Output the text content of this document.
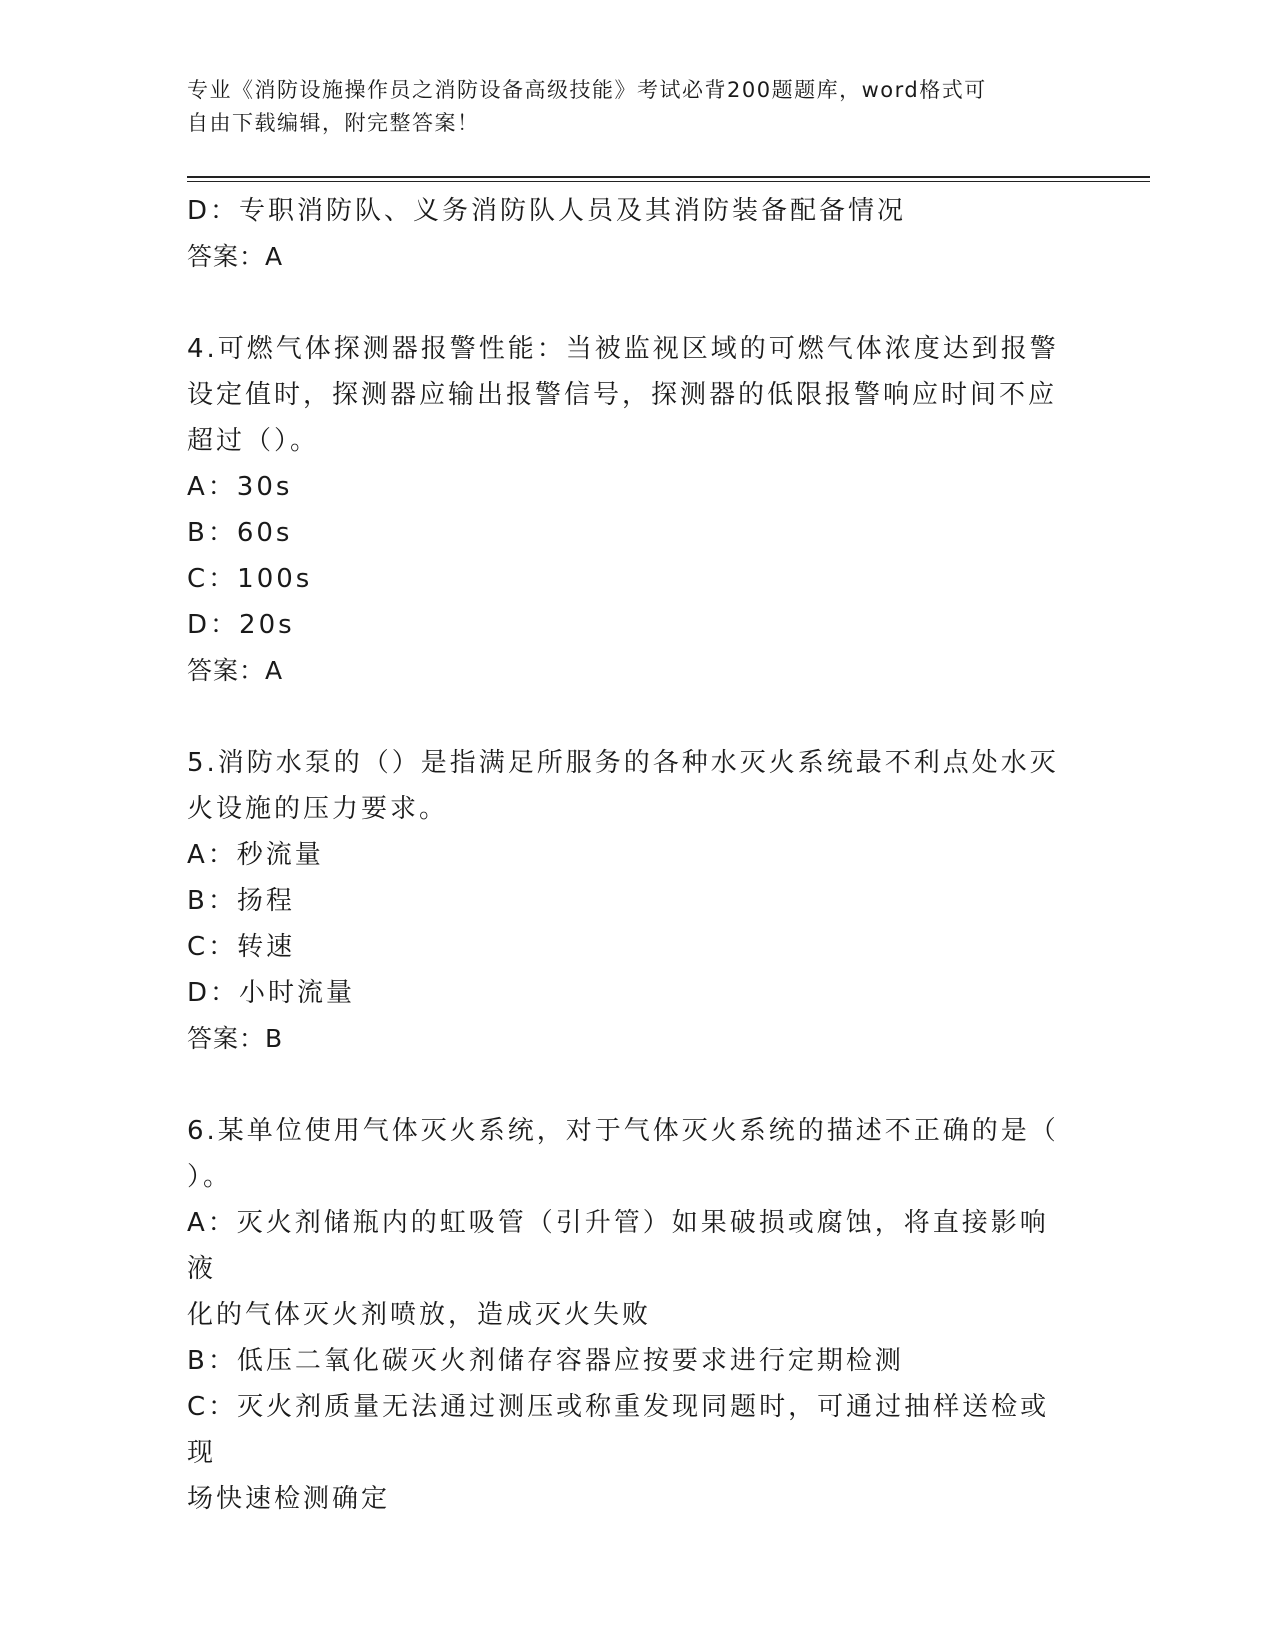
专业《消防设施操作员之消防设备高级技能》考试必背200题题库，word格式可
自由下载编辑，附完整答案！

D：专职消防队、义务消防队人员及其消防装备配备情况

答案：A

4.可燃气体探测器报警性能：当被监视区域的可燃气体浓度达到报警

设定值时，探测器应输出报警信号，探测器的低限报警响应时间不应

超过（）。

A：30s

B：60s

C：100s

D：20s

答案：A

5.消防水泵的（）是指满足所服务的各种水灭火系统最不利点处水灭

火设施的压力要求。

A：秒流量

B：扬程

C：转速

D：小时流量

答案：B

6.某单位使用气体灭火系统，对于气体灭火系统的描述不正确的是（

）。

A：灭火剂储瓶内的虹吸管（引升管）如果破损或腐蚀，将直接影响液

化的气体灭火剂喷放，造成灭火失败

B：低压二氧化碳灭火剂储存容器应按要求进行定期检测

C：灭火剂质量无法通过测压或称重发现同题时，可通过抽样送检或现

场快速检测确定
